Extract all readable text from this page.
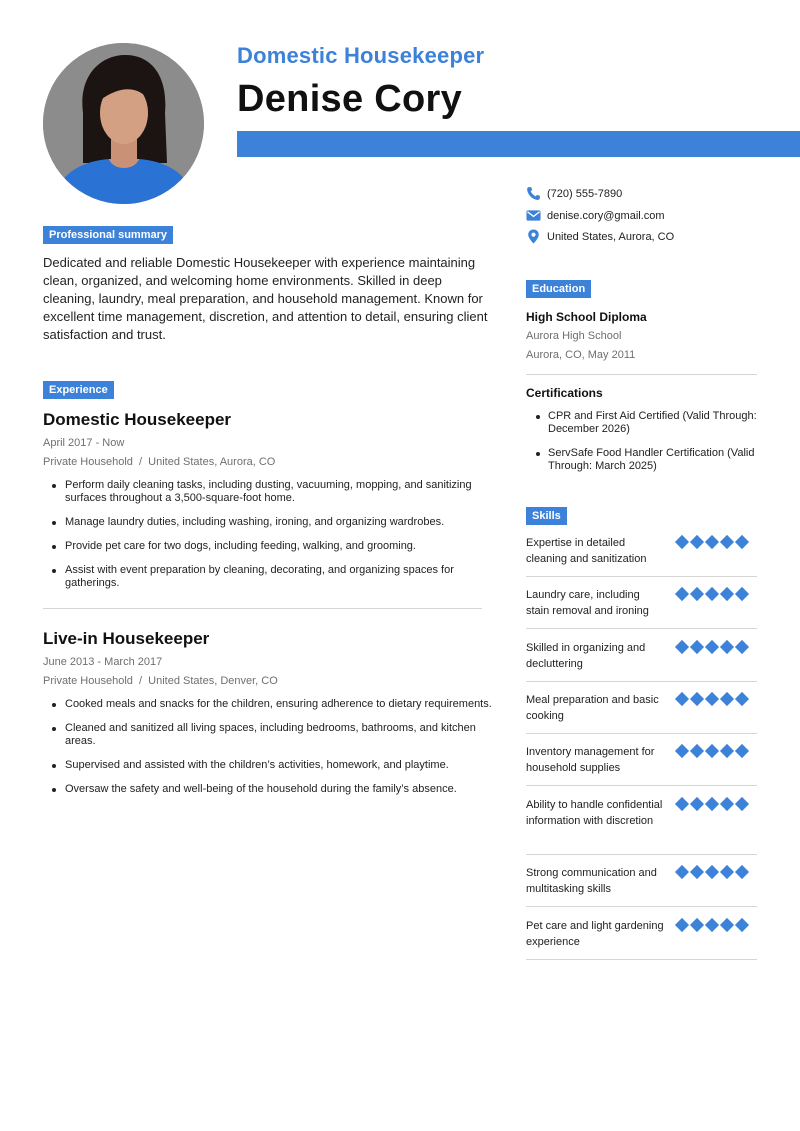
Domestic Housekeeper
Denise Cory
Professional summary

Dedicated and reliable Domestic Housekeeper with experience maintaining clean, organized, and welcoming home environments. Skilled in deep cleaning, laundry, meal preparation, and household management. Known for excellent time management, discretion, and attention to detail, ensuring client satisfaction and trust.

Experience
Domestic Housekeeper
April 2017 - Now
Private Household  /  United States, Aurora, CO
Perform daily cleaning tasks, including dusting, vacuuming, mopping, and sanitizing surfaces throughout a 3,500-square-foot home.
Manage laundry duties, including washing, ironing, and organizing wardrobes.
Provide pet care for two dogs, including feeding, walking, and grooming.
Assist with event preparation by cleaning, decorating, and organizing spaces for gatherings.
Live-in Housekeeper
June 2013 - March 2017
Private Household  /  United States, Denver, CO
Cooked meals and snacks for the children, ensuring adherence to dietary requirements.
Cleaned and sanitized all living spaces, including bedrooms, bathrooms, and kitchen areas.
Supervised and assisted with the children’s activities, homework, and playtime.
Oversaw the safety and well-being of the household during the family’s absence.
(720) 555-7890
denise.cory@gmail.com
United States, Aurora, CO
Education
High School Diploma
Aurora High School
Aurora, CO, May 2011
Certifications
CPR and First Aid Certified (Valid Through: December 2026)
ServSafe Food Handler Certification (Valid Through: March 2025)
Skills
Expertise in detailed cleaning and sanitization
Laundry care, including stain removal and ironing
Skilled in organizing and decluttering
Meal preparation and basic cooking
Inventory management for household supplies
Ability to handle confidential information with discretion
Strong communication and multitasking skills
Pet care and light gardening experience
